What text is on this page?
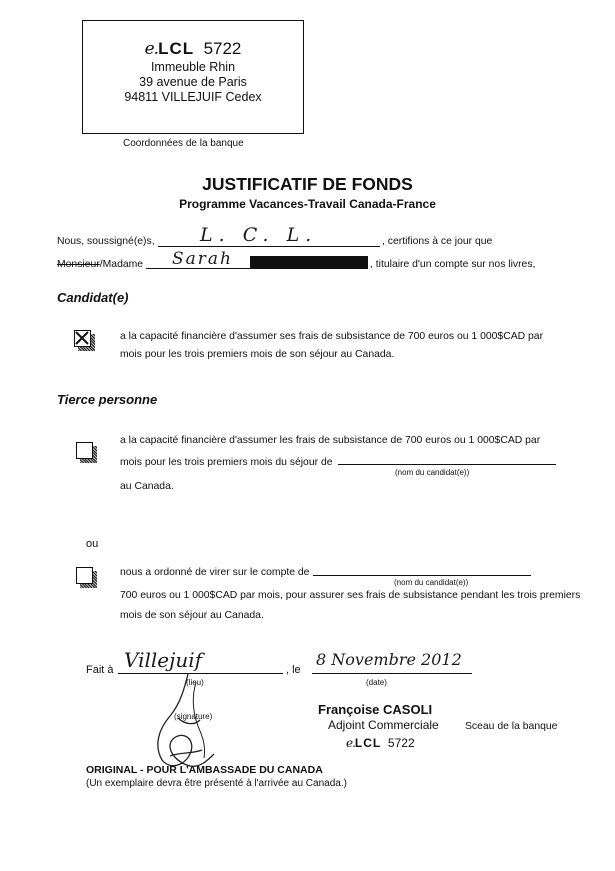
e.LCL 5722
Immeuble Rhin
39 avenue de Paris
94811 VILLEJUIF Cedex
Coordonnées de la banque
JUSTIFICATIF DE FONDS
Programme Vacances-Travail Canada-France
Nous, soussigné(e)s, L. C. L.	, certifions à ce jour que
Monsieur/Madame Sarah	, titulaire d'un compte sur nos livres,
Candidat(e)
a la capacité financière d'assumer ses frais de subsistance de 700 euros ou 1 000$CAD par
mois pour les trois premiers mois de son séjour au Canada.
Tierce personne
a la capacité financière d'assumer les frais de subsistance de 700 euros ou 1 000$CAD par
mois pour les trois premiers mois du séjour de
(nom du candidat(e))
au Canada.
ou
nous a ordonné de virer sur le compte de
(nom du candidat(e))
700 euros ou 1 000$CAD par mois, pour assurer ses frais de subsistance pendant les trois premiers
mois de son séjour au Canada.
Fait à Villejuif
(lieu)
, le
8 Novembre 2012
(date)
(signature)	Françoise CASOLI
Adjoint Commerciale	Sceau de la banque
e.LCL 5722
ORIGINAL - POUR L'AMBASSADE DU CANADA
(Un exemplaire devra être présenté à l'arrivée au Canada.)
